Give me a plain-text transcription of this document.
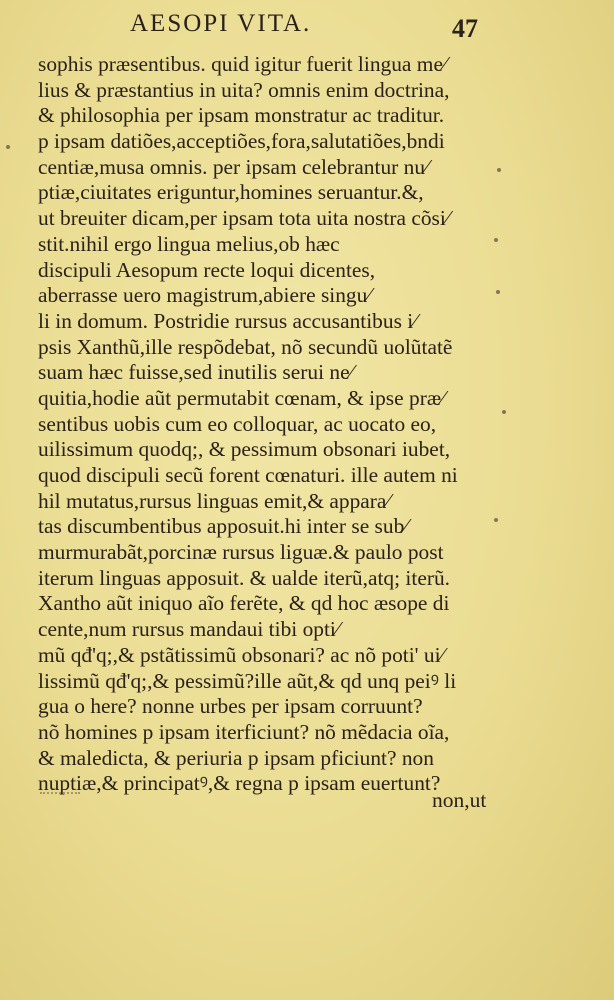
AESOPI VITA.	47
sophis præsentibus. quid igitur fuerit lingua me⁄
lius & præstantius in uita? omnis enim doctrina,
& philosophia per ipsam monstratur ac traditur.
p ipsam datiões,acceptiões,fora,salutatiões,bndi
centiæ,musa omnis. per ipsam celebrantur nu⁄
ptiæ,ciuitates eriguntur,homines seruantur.&,
ut breuiter dicam,per ipsam tota uita nostra cõsi⁄
stit.nihil ergo lingua melius,ob hæc
discipuli Aesopum recte loqui dicentes,
aberrasse uero magistrum,abiere singu⁄
li in domum. Postridie rursus accusantibus i⁄
psis Xanthũ,ille respõdebat, nõ secundũ uolũtatẽ
suam hæc fuisse,sed inutilis serui ne⁄
quitia,hodie aũt permutabit cœnam, & ipse præ⁄
sentibus uobis cum eo colloquar, ac uocato eo,
uilissimum quodq;, & pessimum obsonari iubet,
quod discipuli secũ forent cœnaturi. ille autem ni
hil mutatus,rursus linguas emit,& appara⁄
tas discumbentibus apposuit.hi inter se sub⁄
murmurabãt,porcinæ rursus liguæ.& paulo post
iterum linguas apposuit. & ualde iterũ,atq; iterũ.
Xantho aũt iniquo aĩo ferẽte, & qd hoc æsope di
cente,num rursus mandaui tibi opti⁄
mũ qđ'q;,& pstãtissimũ obsonari? ac nõ poti' ui⁄
lissimũ qđ'q;,& pessimũ?ille aũt,& qd unq peiꝰ li
gua o here? nonne urbes per ipsam corruunt?
nõ homines p ipsam iterficiunt? nõ mẽdacia oĩa,
& maledicta, & periuria p ipsam pficiunt? non
nuptiæ,& principatꝰ,& regna p ipsam euertunt?
non,ut
